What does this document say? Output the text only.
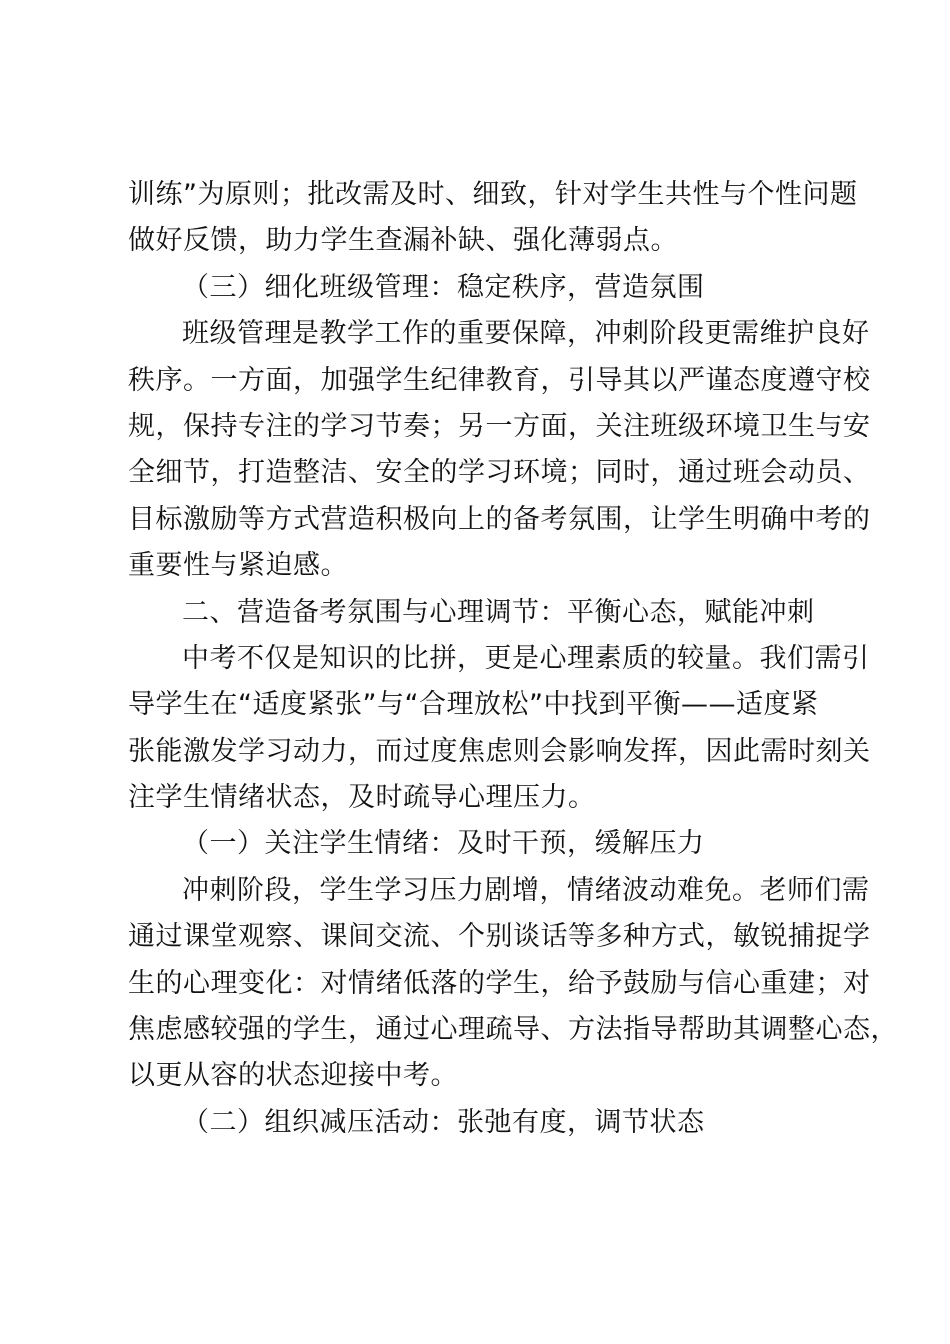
训练”为原则；批改需及时、细致，针对学生共性与个性问题
做好反馈，助力学生查漏补缺、强化薄弱点。
（三）细化班级管理：稳定秩序，营造氛围
班级管理是教学工作的重要保障，冲刺阶段更需维护良好
秩序。一方面，加强学生纪律教育，引导其以严谨态度遵守校
规，保持专注的学习节奏；另一方面，关注班级环境卫生与安
全细节，打造整洁、安全的学习环境；同时，通过班会动员、
目标激励等方式营造积极向上的备考氛围，让学生明确中考的
重要性与紧迫感。
二、营造备考氛围与心理调节：平衡心态，赋能冲刺
中考不仅是知识的比拼，更是心理素质的较量。我们需引
导学生在“适度紧张”与“合理放松”中找到平衡——适度紧
张能激发学习动力，而过度焦虑则会影响发挥，因此需时刻关
注学生情绪状态，及时疏导心理压力。
（一）关注学生情绪：及时干预，缓解压力
冲刺阶段，学生学习压力剧增，情绪波动难免。老师们需
通过课堂观察、课间交流、个别谈话等多种方式，敏锐捕捉学
生的心理变化：对情绪低落的学生，给予鼓励与信心重建；对
焦虑感较强的学生，通过心理疏导、方法指导帮助其调整心态，
以更从容的状态迎接中考。
（二）组织减压活动：张弛有度，调节状态
